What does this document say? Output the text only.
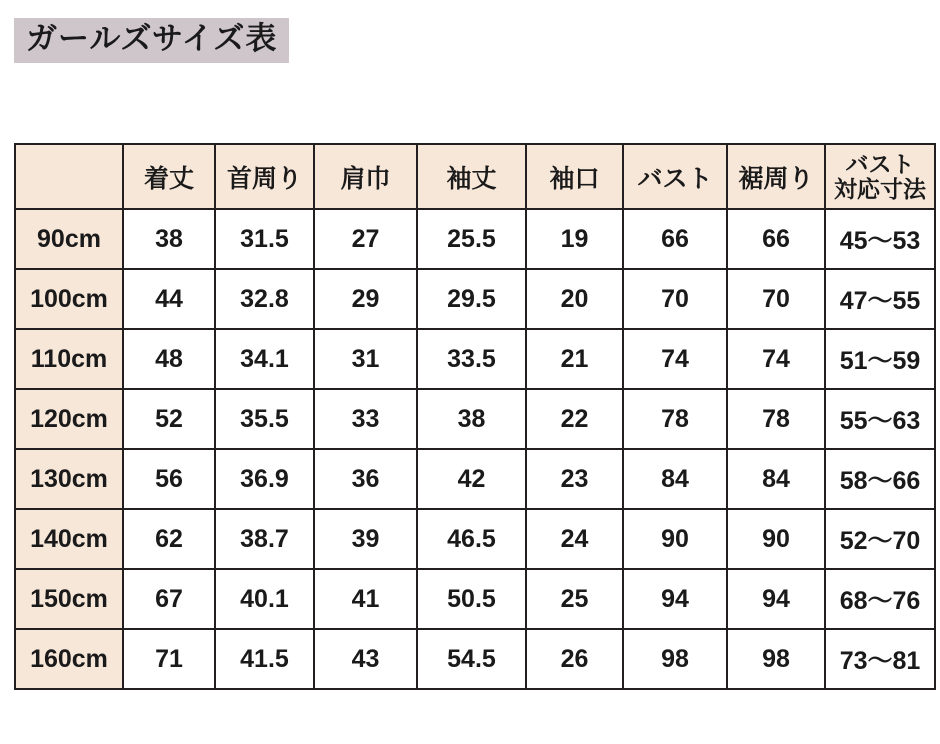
ガールズサイズ表
	着丈	首周り	肩巾	袖丈	袖口	バスト	裾周り	バスト
対応寸法

90cm	38	31.5	27	25.5	19	66	66	45〜53
100cm	44	32.8	29	29.5	20	70	70	47〜55
110cm	48	34.1	31	33.5	21	74	74	51〜59
120cm	52	35.5	33	38	22	78	78	55〜63
130cm	56	36.9	36	42	23	84	84	58〜66
140cm	62	38.7	39	46.5	24	90	90	52〜70
150cm	67	40.1	41	50.5	25	94	94	68〜76
160cm	71	41.5	43	54.5	26	98	98	73〜81
